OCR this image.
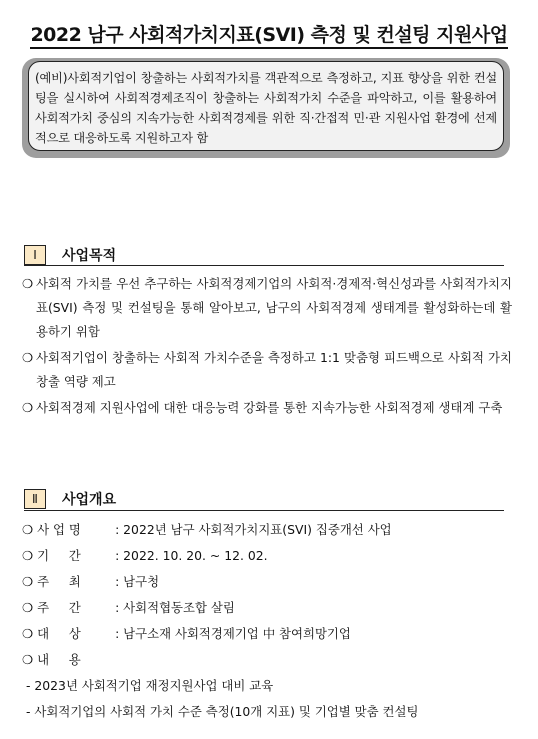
2022 남구 사회적가치지표(SVI) 측정 및 컨설팅 지원사업
(예비)사회적기업이 창출하는 사회적가치를 객관적으로 측정하고, 지표 향상을 위한 컨설팅을 실시하여 사회적경제조직이 창출하는 사회적가치 수준을 파악하고, 이를 활용하여 사회적가치 중심의 지속가능한 사회적경제를 위한 직·간접적 민·관 지원사업 환경에 선제적으로 대응하도록 지원하고자 함
Ⅰ	사업목적
❍ 사회적 가치를 우선 추구하는 사회적경제기업의 사회적·경제적·혁신성과를 사회적가치지표(SVI) 측정 및 컨설팅을 통해 알아보고, 남구의 사회적경제 생태계를 활성화하는데 활용하기 위함
❍ 사회적기업이 창출하는 사회적 가치수준을 측정하고 1:1 맞춤형 피드백으로 사회적 가치 창출 역량 제고
❍ 사회적경제 지원사업에 대한 대응능력 강화를 통한 지속가능한 사회적경제 생태계 구축
Ⅱ	사업개요
❍ 사 업 명	: 2022년 남구 사회적가치지표(SVI) 집중개선 사업
❍ 기     간	: 2022. 10. 20. ~ 12. 02.
❍ 주     최	: 남구청
❍ 주     간	: 사회적협동조합 살림
❍ 대     상	: 남구소재 사회적경제기업 中 참여희망기업
❍ 내     용
- 2023년 사회적기업 재정지원사업 대비 교육
- 사회적기업의 사회적 가치 수준 측정(10개 지표) 및 기업별 맞춤 컨설팅
